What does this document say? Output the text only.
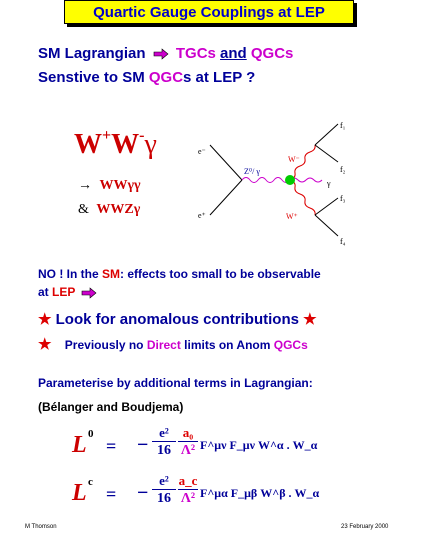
Quartic Gauge Couplings at LEP
SM Lagrangian TGCs and QGCs
Senstive to SM QGCs at LEP ?
W+W-γ
→ WWγγ
& WWZγ
e⁻
e⁺
Z⁰/ γ
W⁻
W⁺
γ
f₁
f₂
f₃
f₄
NO ! In the SM: effects too small to be observable
at LEP
★ Look for anomalous contributions ★
★ Previously no Direct limits on Anom QGCs
Parameterise by additional terms in Lagrangian:
(Bélanger and Boudjema)
L 0
= − $\frac{\text{e²}}{16} a_0$
Λ² F^μν F_μν W^α . W_α
L c
= − $\frac{\text{e²}}{16}$ a_c
Λ² F^μα F_μβ W^β . W_α
M Thomson	23 February 2000
